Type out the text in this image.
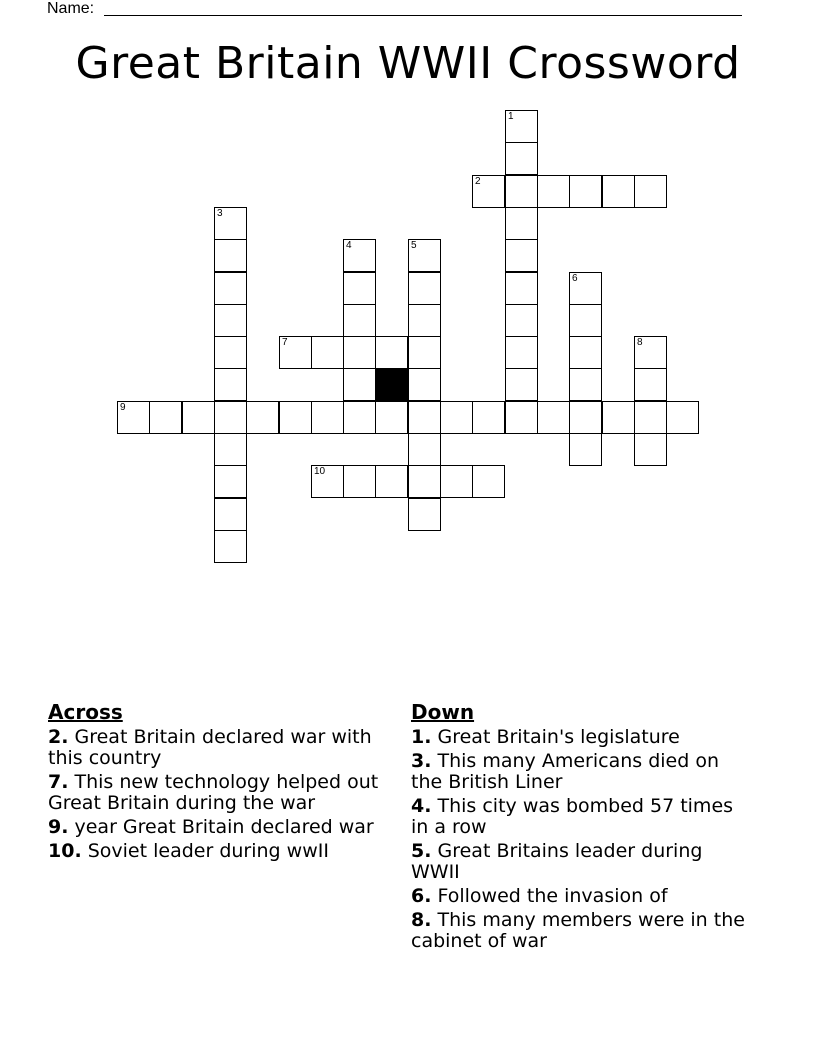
Name:
Great Britain WWII Crossword
1
2
3
4	5
6
7	8
9
10
Across
2. Great Britain declared war with this country
7. This new technology helped out Great Britain during the war
9. year Great Britain declared war
10. Soviet leader during wwII
Down
1. Great Britain's legislature
3. This many Americans died on the British Liner
4. This city was bombed 57 times in a row
5. Great Britains leader during WWII
6. Followed the invasion of
8. This many members were in the cabinet of war
